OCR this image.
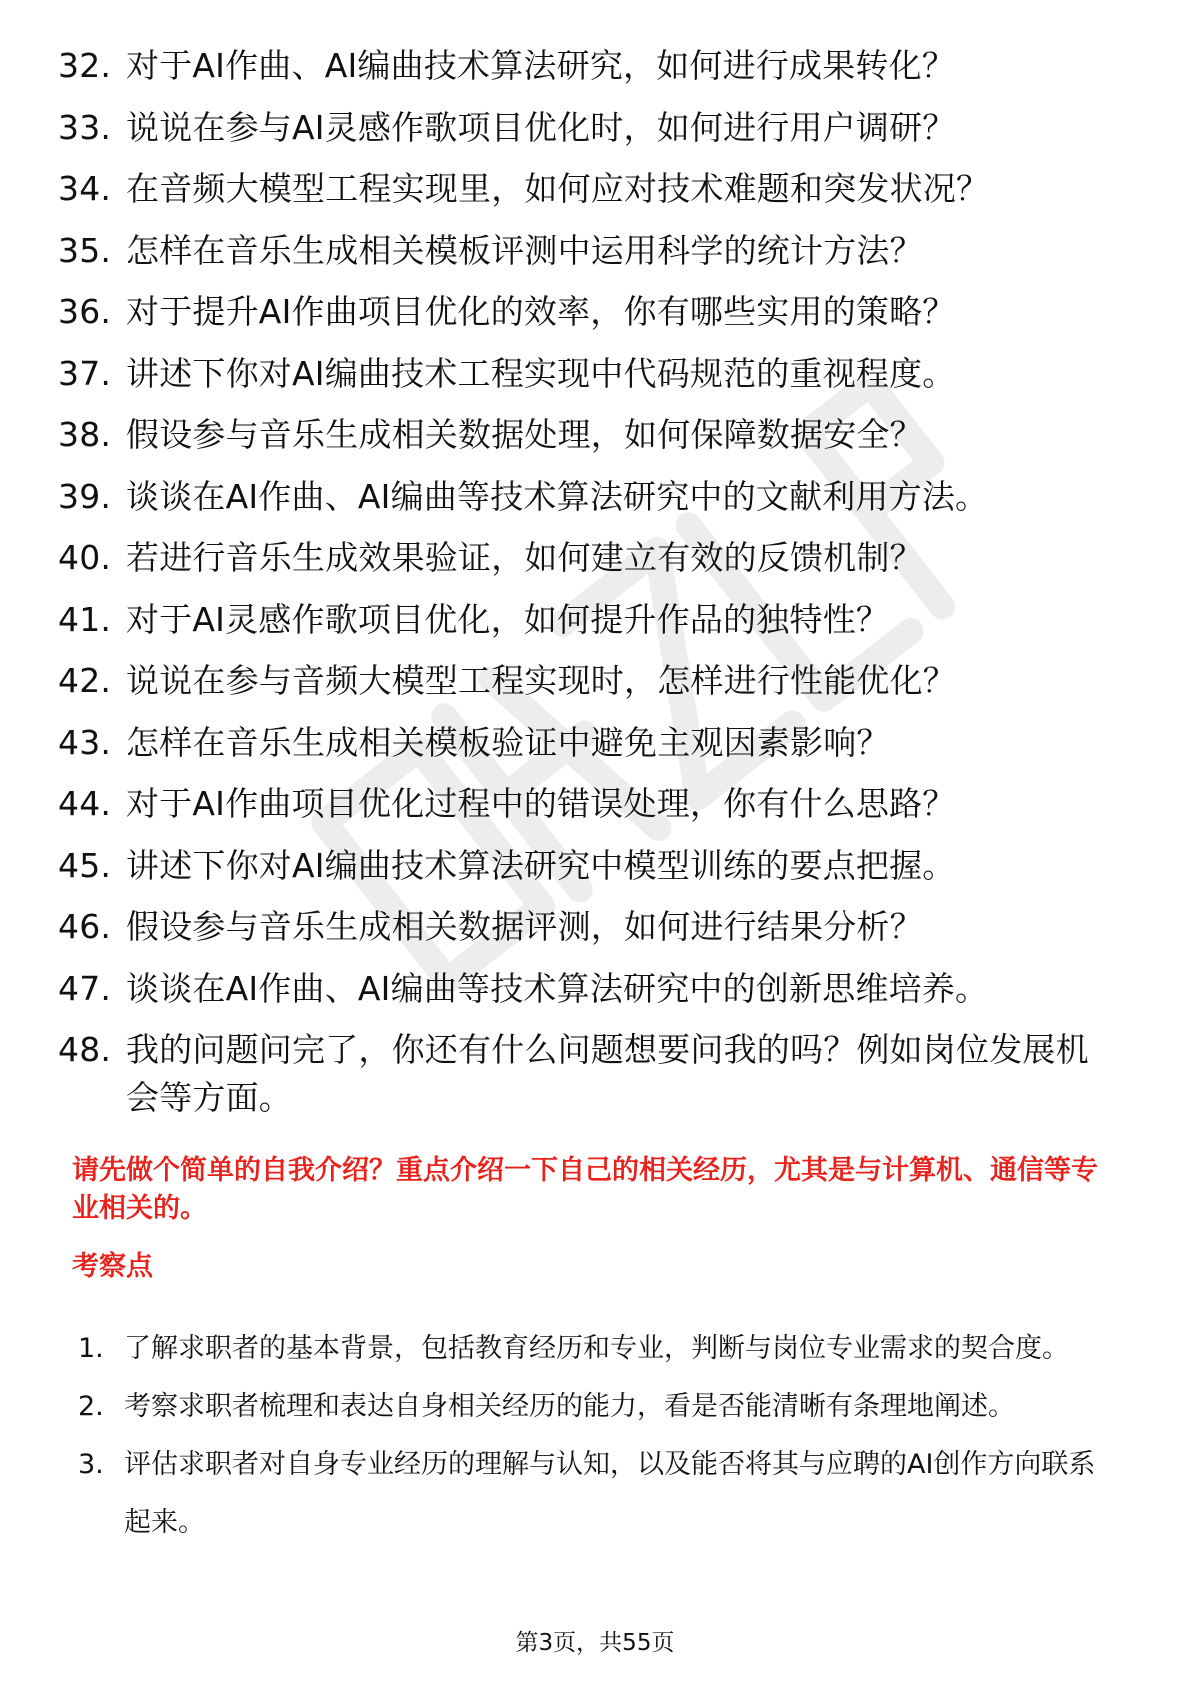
32. 对于AI作曲、AI编曲技术算法研究，如何进行成果转化？
33. 说说在参与AI灵感作歌项目优化时，如何进行用户调研？
34. 在音频大模型工程实现里，如何应对技术难题和突发状况？
35. 怎样在音乐生成相关模板评测中运用科学的统计方法？
36. 对于提升AI作曲项目优化的效率，你有哪些实用的策略？
37. 讲述下你对AI编曲技术工程实现中代码规范的重视程度。
38. 假设参与音乐生成相关数据处理，如何保障数据安全？
39. 谈谈在AI作曲、AI编曲等技术算法研究中的文献利用方法。
40. 若进行音乐生成效果验证，如何建立有效的反馈机制？
41. 对于AI灵感作歌项目优化，如何提升作品的独特性？
42. 说说在参与音频大模型工程实现时，怎样进行性能优化？
43. 怎样在音乐生成相关模板验证中避免主观因素影响？
44. 对于AI作曲项目优化过程中的错误处理，你有什么思路？
45. 讲述下你对AI编曲技术算法研究中模型训练的要点把握。
46. 假设参与音乐生成相关数据评测，如何进行结果分析？
47. 谈谈在AI作曲、AI编曲等技术算法研究中的创新思维培养。
48. 我的问题问完了，你还有什么问题想要问我的吗？例如岗位发展机会等方面。
请先做个简单的自我介绍？重点介绍一下自己的相关经历，尤其是与计算机、通信等专业相关的。
考察点
1. 了解求职者的基本背景，包括教育经历和专业，判断与岗位专业需求的契合度。
2. 考察求职者梳理和表达自身相关经历的能力，看是否能清晰有条理地阐述。
3. 评估求职者对自身专业经历的理解与认知，以及能否将其与应聘的AI创作方向联系起来。
第3页，共55页
